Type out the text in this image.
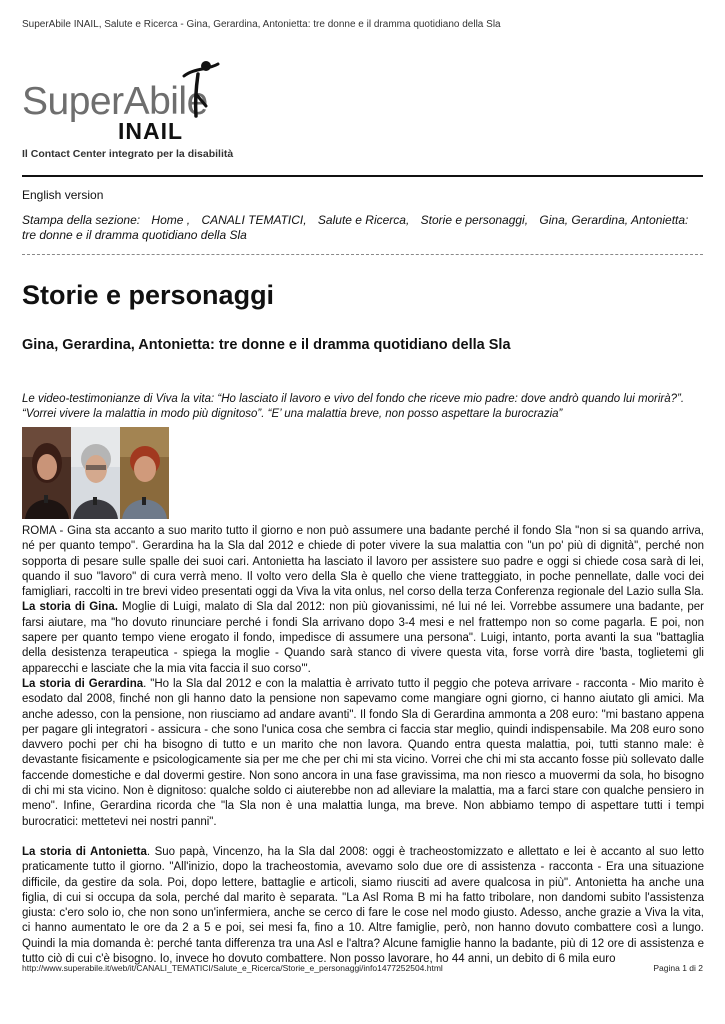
SuperAbile INAIL, Salute e Ricerca - Gina, Gerardina, Antonietta: tre donne e il dramma quotidiano della Sla
SuperAbile
INAIL
Il Contact Center integrato per la disabilità
English version
Stampa della sezione: Home , CANALI TEMATICI, Salute e Ricerca, Storie e personaggi, Gina, Gerardina, Antonietta: tre donne e il dramma quotidiano della Sla
Storie e personaggi
Gina, Gerardina, Antonietta: tre donne e il dramma quotidiano della Sla
Le video-testimonianze di Viva la vita: “Ho lasciato il lavoro e vivo del fondo che riceve mio padre: dove andrò quando lui morirà?”. “Vorrei vivere la malattia in modo più dignitoso”. “E’ una malattia breve, non posso aspettare la burocrazia”

ROMA - Gina sta accanto a suo marito tutto il giorno e non può assumere una badante perché il fondo Sla "non si sa quando arriva, né per quanto tempo". Gerardina ha la Sla dal 2012 e chiede di poter vivere la sua malattia con "un po' più di dignità", perché non sopporta di pesare sulle spalle dei suoi cari. Antonietta ha lasciato il lavoro per assistere suo padre e oggi si chiede cosa sarà di lei, quando il suo "lavoro" di cura verrà meno. Il volto vero della Sla è quello che viene tratteggiato, in poche pennellate, dalle voci dei famigliari, raccolti in tre brevi video presentati oggi da Viva la vita onlus, nel corso della terza Conferenza regionale del Lazio sulla Sla.

La storia di Gina. Moglie di Luigi, malato di Sla dal 2012: non più giovanissimi, né lui né lei. Vorrebbe assumere una badante, per farsi aiutare, ma "ho dovuto rinunciare perché i fondi Sla arrivano dopo 3-4 mesi e nel frattempo non so come pagarla. E poi, non sapere per quanto tempo viene erogato il fondo, impedisce di assumere una persona". Luigi, intanto, porta avanti la sua "battaglia della desistenza terapeutica - spiega la moglie - Quando sarà stanco di vivere questa vita, forse vorrà dire 'basta, toglietemi gli apparecchi e lasciate che la mia vita faccia il suo corso'".

La storia di Gerardina. "Ho la Sla dal 2012 e con la malattia è arrivato tutto il peggio che poteva arrivare - racconta - Mio marito è esodato dal 2008, finché non gli hanno dato la pensione non sapevamo come mangiare ogni giorno, ci hanno aiutato gli amici. Ma anche adesso, con la pensione, non riusciamo ad andare avanti". Il fondo Sla di Gerardina ammonta a 208 euro: "mi bastano appena per pagare gli integratori - assicura - che sono l'unica cosa che sembra ci faccia star meglio, quindi indispensabile. Ma 208 euro sono davvero pochi per chi ha bisogno di tutto e un marito che non lavora. Quando entra questa malattia, poi, tutti stanno male: è devastante fisicamente e psicologicamente sia per me che per chi mi sta vicino. Vorrei che chi mi sta accanto fosse più sollevato dalle faccende domestiche e dal dovermi gestire. Non sono ancora in una fase gravissima, ma non riesco a muovermi da sola, ho bisogno di chi mi sta vicino. Non è dignitoso: qualche soldo ci aiuterebbe non ad alleviare la malattia, ma a farci stare con qualche pensiero in meno". Infine, Gerardina ricorda che "la Sla non è una malattia lunga, ma breve. Non abbiamo tempo di aspettare tutti i tempi burocratici: mettetevi nei nostri panni".

La storia di Antonietta. Suo papà, Vincenzo, ha la Sla dal 2008: oggi è tracheostomizzato e allettato e lei è accanto al suo letto praticamente tutto il giorno. "All'inizio, dopo la tracheostomia, avevamo solo due ore di assistenza - racconta - Era una situazione difficile, da gestire da sola. Poi, dopo lettere, battaglie e articoli, siamo riusciti ad avere qualcosa in più". Antonietta ha anche una figlia, di cui si occupa da sola, perché dal marito è separata. "La Asl Roma B mi ha fatto tribolare, non dandomi subito l'assistenza giusta: c'ero solo io, che non sono un'infermiera, anche se cerco di fare le cose nel modo giusto. Adesso, anche grazie a Viva la vita, ci hanno aumentato le ore da 2 a 5 e poi, sei mesi fa, fino a 10. Altre famiglie, però, non hanno dovuto combattere così a lungo. Quindi la mia domanda è: perché tanta differenza tra una Asl e l'altra? Alcune famiglie hanno la badante, più di 12 ore di assistenza e tutto ciò di cui c'è bisogno. Io, invece ho dovuto combattere. Non posso lavorare, ho 44 anni, un debito di 6 mila euro

http://www.superabile.it/web/it/CANALI_TEMATICI/Salute_e_Ricerca/Storie_e_personaggi/info1477252504.html	Pagina 1 di 2
